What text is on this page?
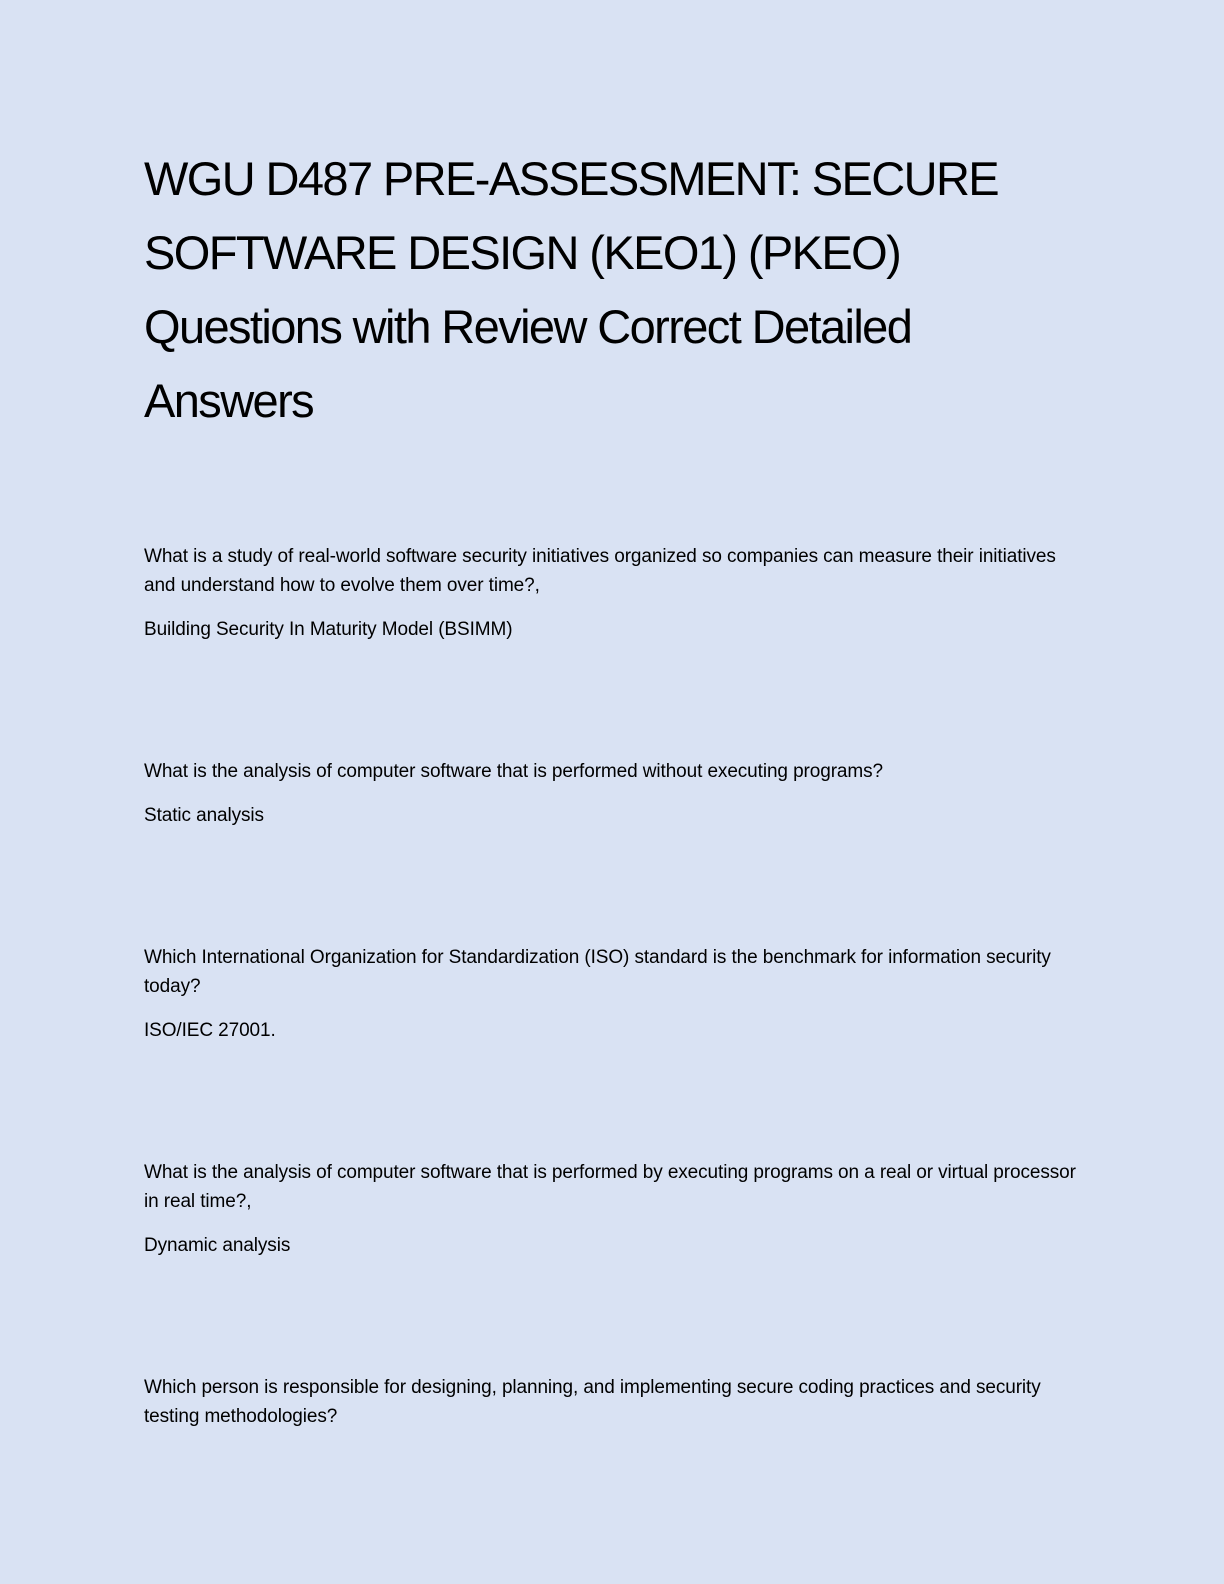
WGU D487 PRE-ASSESSMENT: SECURE SOFTWARE DESIGN (KEO1) (PKEO) Questions with Review Correct Detailed Answers

What is a study of real-world software security initiatives organized so companies can measure their initiatives and understand how to evolve them over time?,

Building Security In Maturity Model (BSIMM)

What is the analysis of computer software that is performed without executing programs?

Static analysis

Which International Organization for Standardization (ISO) standard is the benchmark for information security today?

ISO/IEC 27001.

What is the analysis of computer software that is performed by executing programs on a real or virtual processor in real time?,

Dynamic analysis

Which person is responsible for designing, planning, and implementing secure coding practices and security testing methodologies?
